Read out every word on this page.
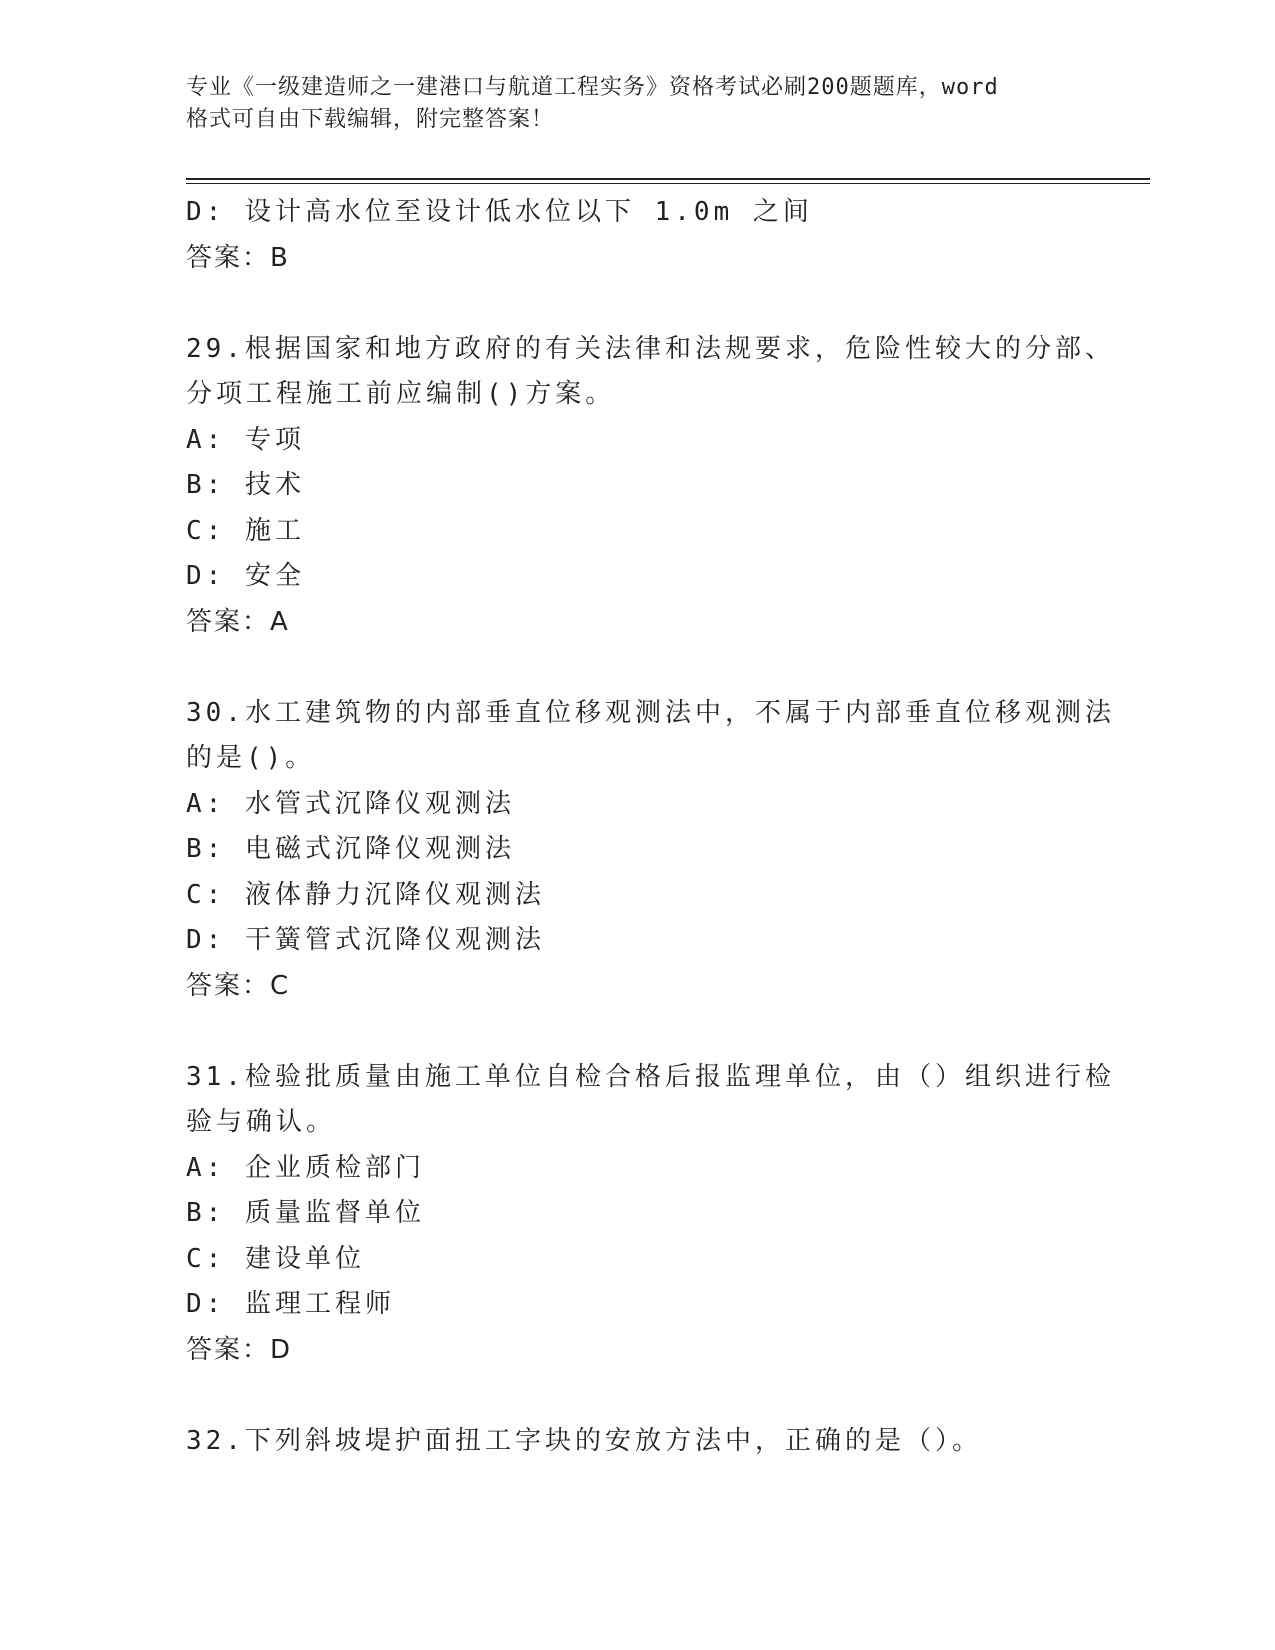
专业《一级建造师之一建港口与航道工程实务》资格考试必刷200题题库，word
格式可自由下载编辑，附完整答案！
D: 设计高水位至设计低水位以下 1.0m 之间
答案：B
29.根据国家和地方政府的有关法律和法规要求，危险性较大的分部、
分项工程施工前应编制()方案。
A: 专项
B: 技术
C: 施工
D: 安全
答案：A
30.水工建筑物的内部垂直位移观测法中，不属于内部垂直位移观测法
的是()。
A: 水管式沉降仪观测法
B: 电磁式沉降仪观测法
C: 液体静力沉降仪观测法
D: 干簧管式沉降仪观测法
答案：C
31.检验批质量由施工单位自检合格后报监理单位，由（）组织进行检
验与确认。
A: 企业质检部门
B: 质量监督单位
C: 建设单位
D: 监理工程师
答案：D
32.下列斜坡堤护面扭工字块的安放方法中，正确的是（）。
